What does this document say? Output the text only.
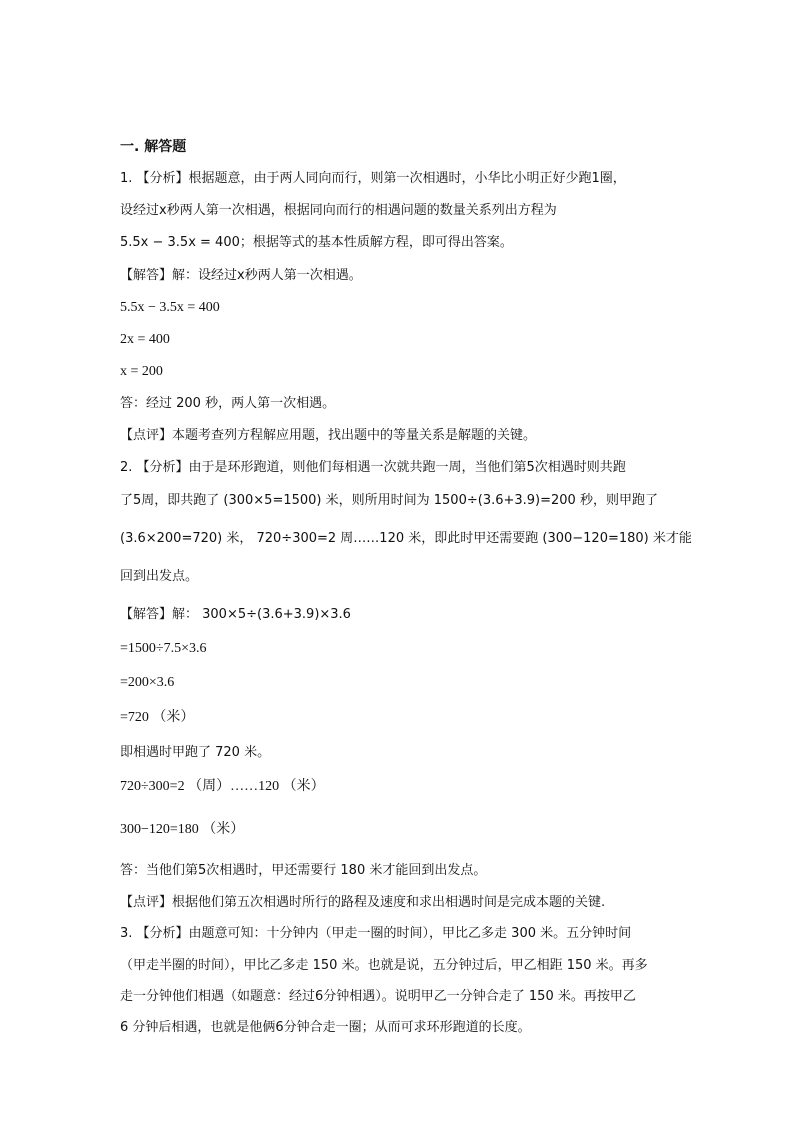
一. 解答题
1. 【分析】根据题意，由于两人同向而行，则第一次相遇时，小华比小明正好少跑1圈，
设经过x秒两人第一次相遇，根据同向而行的相遇问题的数量关系列出方程为
5.5x − 3.5x = 400；根据等式的基本性质解方程，即可得出答案。
【解答】解：设经过x秒两人第一次相遇。
5.5x − 3.5x = 400
2x = 400
x = 200
答：经过 200 秒，两人第一次相遇。
【点评】本题考查列方程解应用题，找出题中的等量关系是解题的关键。
2. 【分析】由于是环形跑道，则他们每相遇一次就共跑一周，当他们第5次相遇时则共跑
了5周，即共跑了 (300×5=1500) 米，则所用时间为 1500÷(3.6+3.9)=200 秒，则甲跑了
(3.6×200=720) 米， 720÷300=2 周……120 米，即此时甲还需要跑 (300−120=180) 米才能
回到出发点。
【解答】解： 300×5÷(3.6+3.9)×3.6
=1500÷7.5×3.6
=200×3.6
=720 （米）
即相遇时甲跑了 720 米。
720÷300=2 （周）……120 （米）
300−120=180 （米）
答：当他们第5次相遇时，甲还需要行 180 米才能回到出发点。
【点评】根据他们第五次相遇时所行的路程及速度和求出相遇时间是完成本题的关键.
3. 【分析】由题意可知：十分钟内（甲走一圈的时间），甲比乙多走 300 米。五分钟时间
（甲走半圈的时间），甲比乙多走 150 米。也就是说，五分钟过后，甲乙相距 150 米。再多
走一分钟他们相遇（如题意：经过6分钟相遇）。说明甲乙一分钟合走了 150 米。再按甲乙
6 分钟后相遇，也就是他俩6分钟合走一圈；从而可求环形跑道的长度。
